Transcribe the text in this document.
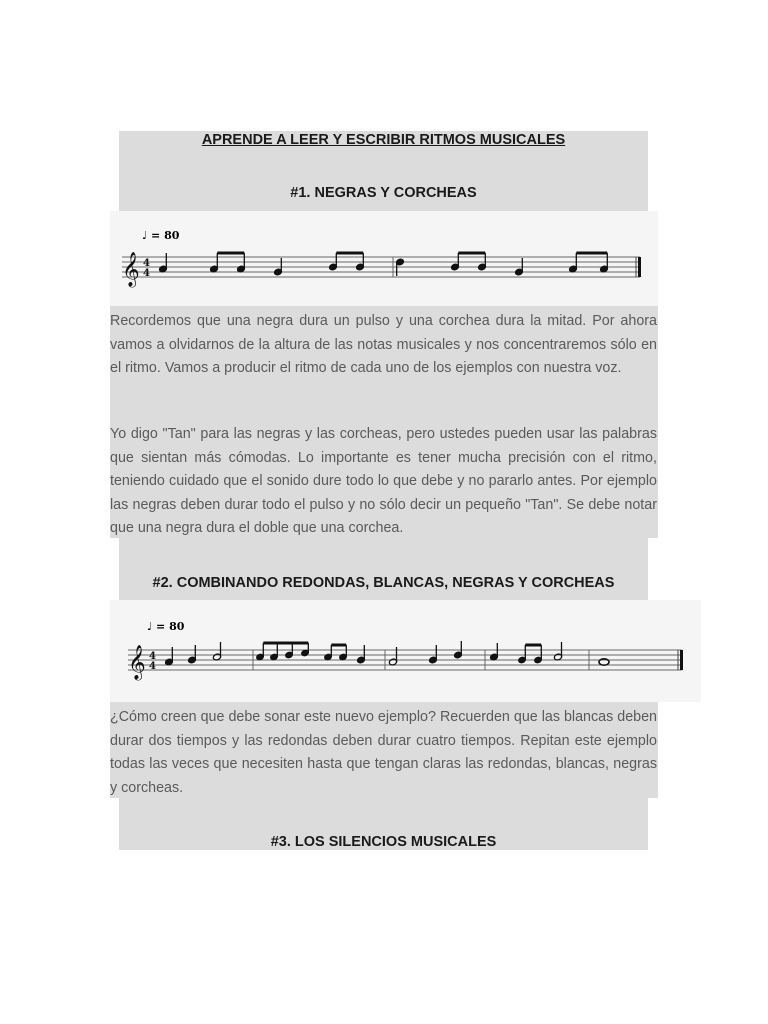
APRENDE A LEER Y ESCRIBIR RITMOS MUSICALES
#1. NEGRAS Y CORCHEAS
♩ = 80
𝄞 4
4

Recordemos que una negra dura un pulso y una corchea dura la mitad. Por ahora vamos a olvidarnos de la altura de las notas musicales y nos concentraremos sólo en el ritmo. Vamos a producir el ritmo de cada uno de los ejemplos con nuestra voz.

Yo digo "Tan" para las negras y las corcheas, pero ustedes pueden usar las palabras que sientan más cómodas. Lo importante es tener mucha precisión con el ritmo, teniendo cuidado que el sonido dure todo lo que debe y no pararlo antes. Por ejemplo las negras deben durar todo el pulso y no sólo decir un pequeño "Tan". Se debe notar que una negra dura el doble que una corchea.

#2. COMBINANDO REDONDAS, BLANCAS, NEGRAS Y CORCHEAS
♩ = 80
𝄞 4
4

¿Cómo creen que debe sonar este nuevo ejemplo? Recuerden que las blancas deben durar dos tiempos y las redondas deben durar cuatro tiempos. Repitan este ejemplo todas las veces que necesiten hasta que tengan claras las redondas, blancas, negras y corcheas.

#3. LOS SILENCIOS MUSICALES
